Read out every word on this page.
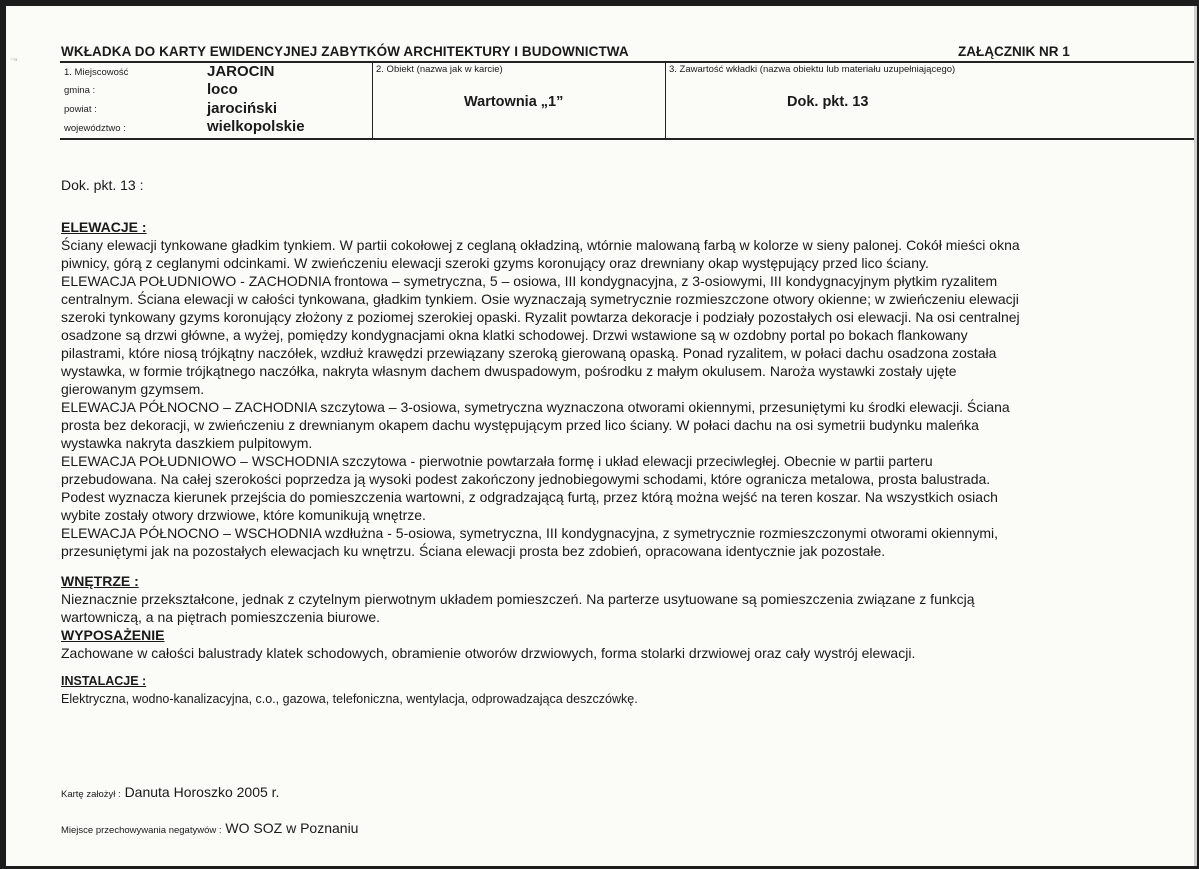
⁻ⁿ
WKŁADKA DO KARTY EWIDENCYJNEJ ZABYTKÓW ARCHITEKTURY I BUDOWNICTWA	ZAŁĄCZNIK NR 1
1. Miejscowość	JAROCIN
gmina :	loco
powiat :	jarociński
województwo :	wielkopolskie
2. Obiekt (nazwa jak w karcie)
Wartownia „1”
3. Zawartość wkładki (nazwa obiektu lub materiału uzupełniającego)
Dok. pkt. 13

Dok. pkt. 13 :

ELEWACJE :

Ściany elewacji tynkowane gładkim tynkiem. W partii cokołowej z ceglaną okładziną, wtórnie malowaną farbą w kolorze w sieny palonej. Cokół mieści okna
piwnicy, górą z ceglanymi odcinkami. W zwieńczeniu elewacji szeroki gzyms koronujący oraz drewniany okap występujący przed lico ściany.
ELEWACJA POŁUDNIOWO - ZACHODNIA frontowa – symetryczna, 5 – osiowa, III kondygnacyjna, z 3-osiowymi, III kondygnacyjnym płytkim ryzalitem
centralnym. Ściana elewacji w całości tynkowana, gładkim tynkiem. Osie wyznaczają symetrycznie rozmieszczone otwory okienne; w zwieńczeniu elewacji
szeroki tynkowany gzyms koronujący złożony z poziomej szerokiej opaski. Ryzalit powtarza dekoracje i podziały pozostałych osi elewacji. Na osi centralnej
osadzone są drzwi główne, a wyżej, pomiędzy kondygnacjami okna klatki schodowej. Drzwi wstawione są w ozdobny portal po bokach flankowany
pilastrami, które niosą trójkątny naczółek, wzdłuż krawędzi przewiązany szeroką gierowaną opaską. Ponad ryzalitem, w połaci dachu osadzona została
wystawka, w formie trójkątnego naczółka, nakryta własnym dachem dwuspadowym, pośrodku z małym okulusem. Naroża wystawki zostały ujęte
gierowanym gzymsem.
ELEWACJA PÓŁNOCNO – ZACHODNIA szczytowa – 3-osiowa, symetryczna wyznaczona otworami okiennymi, przesuniętymi ku środki elewacji. Ściana
prosta bez dekoracji, w zwieńczeniu z drewnianym okapem dachu występującym przed lico ściany. W połaci dachu na osi symetrii budynku maleńka
wystawka nakryta daszkiem pulpitowym.
ELEWACJA POŁUDNIOWO – WSCHODNIA szczytowa - pierwotnie powtarzała formę i układ elewacji przeciwległej. Obecnie w partii parteru
przebudowana. Na całej szerokości poprzedza ją wysoki podest zakończony jednobiegowymi schodami, które ogranicza metalowa, prosta balustrada.
Podest wyznacza kierunek przejścia do pomieszczenia wartowni, z odgradzającą furtą, przez którą można wejść na teren koszar. Na wszystkich osiach
wybite zostały otwory drzwiowe, które komunikują wnętrze.
ELEWACJA PÓŁNOCNO – WSCHODNIA wzdłużna - 5-osiowa, symetryczna, III kondygnacyjna, z symetrycznie rozmieszczonymi otworami okiennymi,
przesuniętymi jak na pozostałych elewacjach ku wnętrzu. Ściana elewacji prosta bez zdobień, opracowana identycznie jak pozostałe.

WNĘTRZE :

Nieznacznie przekształcone, jednak z czytelnym pierwotnym układem pomieszczeń. Na parterze usytuowane są pomieszczenia związane z funkcją
wartowniczą, a na piętrach pomieszczenia biurowe.

WYPOSAŻENIE

Zachowane w całości balustrady klatek schodowych, obramienie otworów drzwiowych, forma stolarki drzwiowej oraz cały wystrój elewacji.

INSTALACJE :

Elektryczna, wodno-kanalizacyjna, c.o., gazowa, telefoniczna, wentylacja, odprowadzająca deszczówkę.

Kartę założył : Danuta Horoszko 2005 r.
Miejsce przechowywania negatywów : WO SOZ w Poznaniu
